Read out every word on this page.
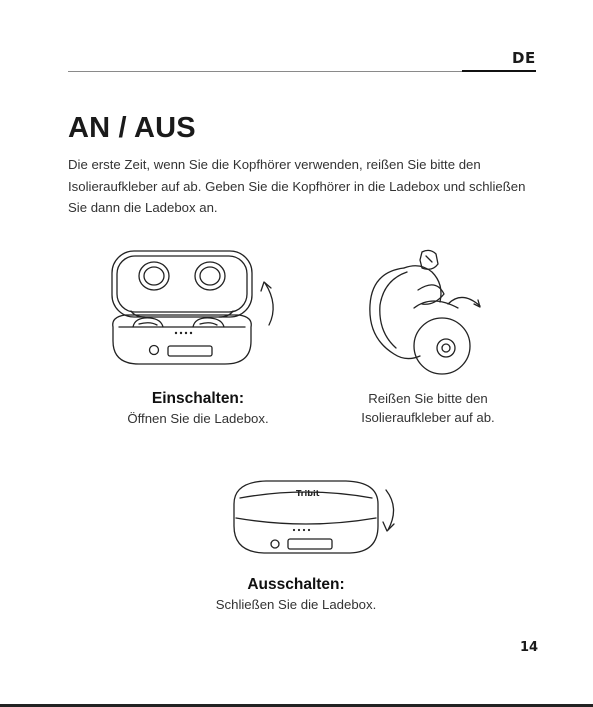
DE
AN / AUS

Die erste Zeit, wenn Sie die Kopfhörer verwenden, reißen Sie bitte den Isolieraufkleber auf ab. Geben Sie die Kopfhörer in die Ladebox und schließen Sie dann die Ladebox an.

Einschalten:
Öffnen Sie die Ladebox.
Reißen Sie bitte den
Isolieraufkleber auf ab.
Tribit
Ausschalten:
Schließen Sie die Ladebox.
14
